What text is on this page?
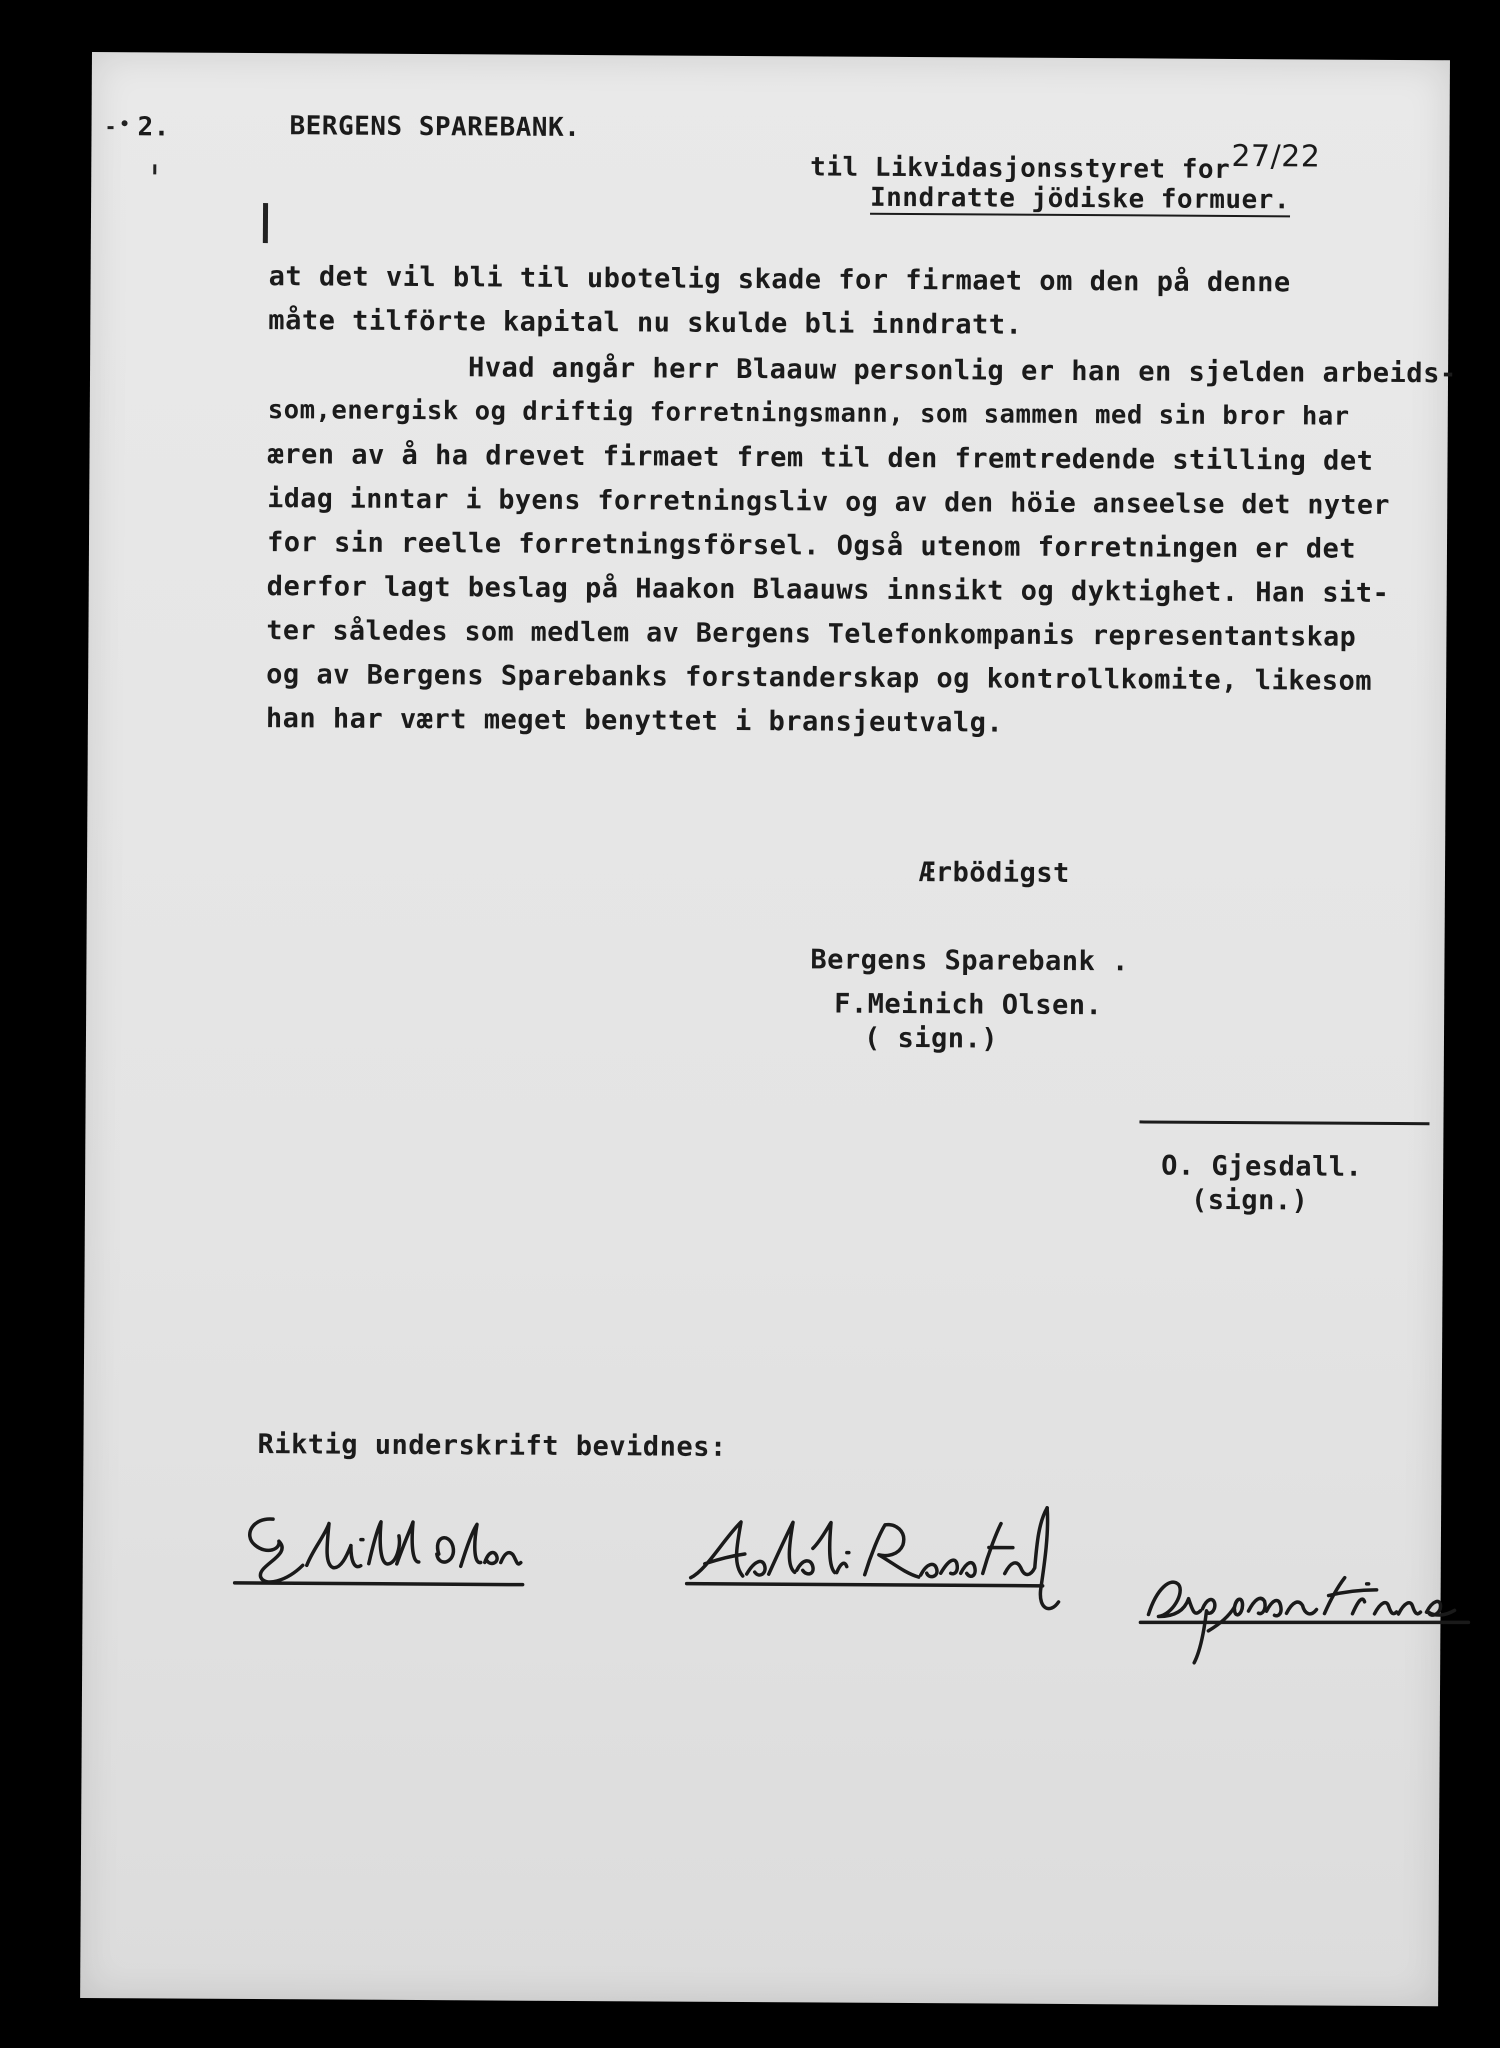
2.	BERGENS SPAREBANK.

til Likvidasjonsstyret for

Inndratte jödiske formuer.

27/22
at det vil bli til ubotelig skade for firmaet om den på denne
måte tilförte kapital nu skulde bli inndratt.
Hvad angår herr Blaauw personlig er han en sjelden arbeids-
som,energisk og driftig forretningsmann, som sammen med sin bror har
æren av å ha drevet firmaet frem til den fremtredende stilling det
idag inntar i byens forretningsliv og av den höie anseelse det nyter
for sin reelle forretningsförsel. Også utenom forretningen er det
derfor lagt beslag på Haakon Blaauws innsikt og dyktighet. Han sit-
ter således som medlem av Bergens Telefonkompanis representantskap
og av Bergens Sparebanks forstanderskap og kontrollkomite, likesom
han har vært meget benyttet i bransjeutvalg.
Ærbödigst
Bergens Sparebank .
F.Meinich Olsen.
( sign.)
O. Gjesdall.
(sign.)
Riktig underskrift bevidnes:
